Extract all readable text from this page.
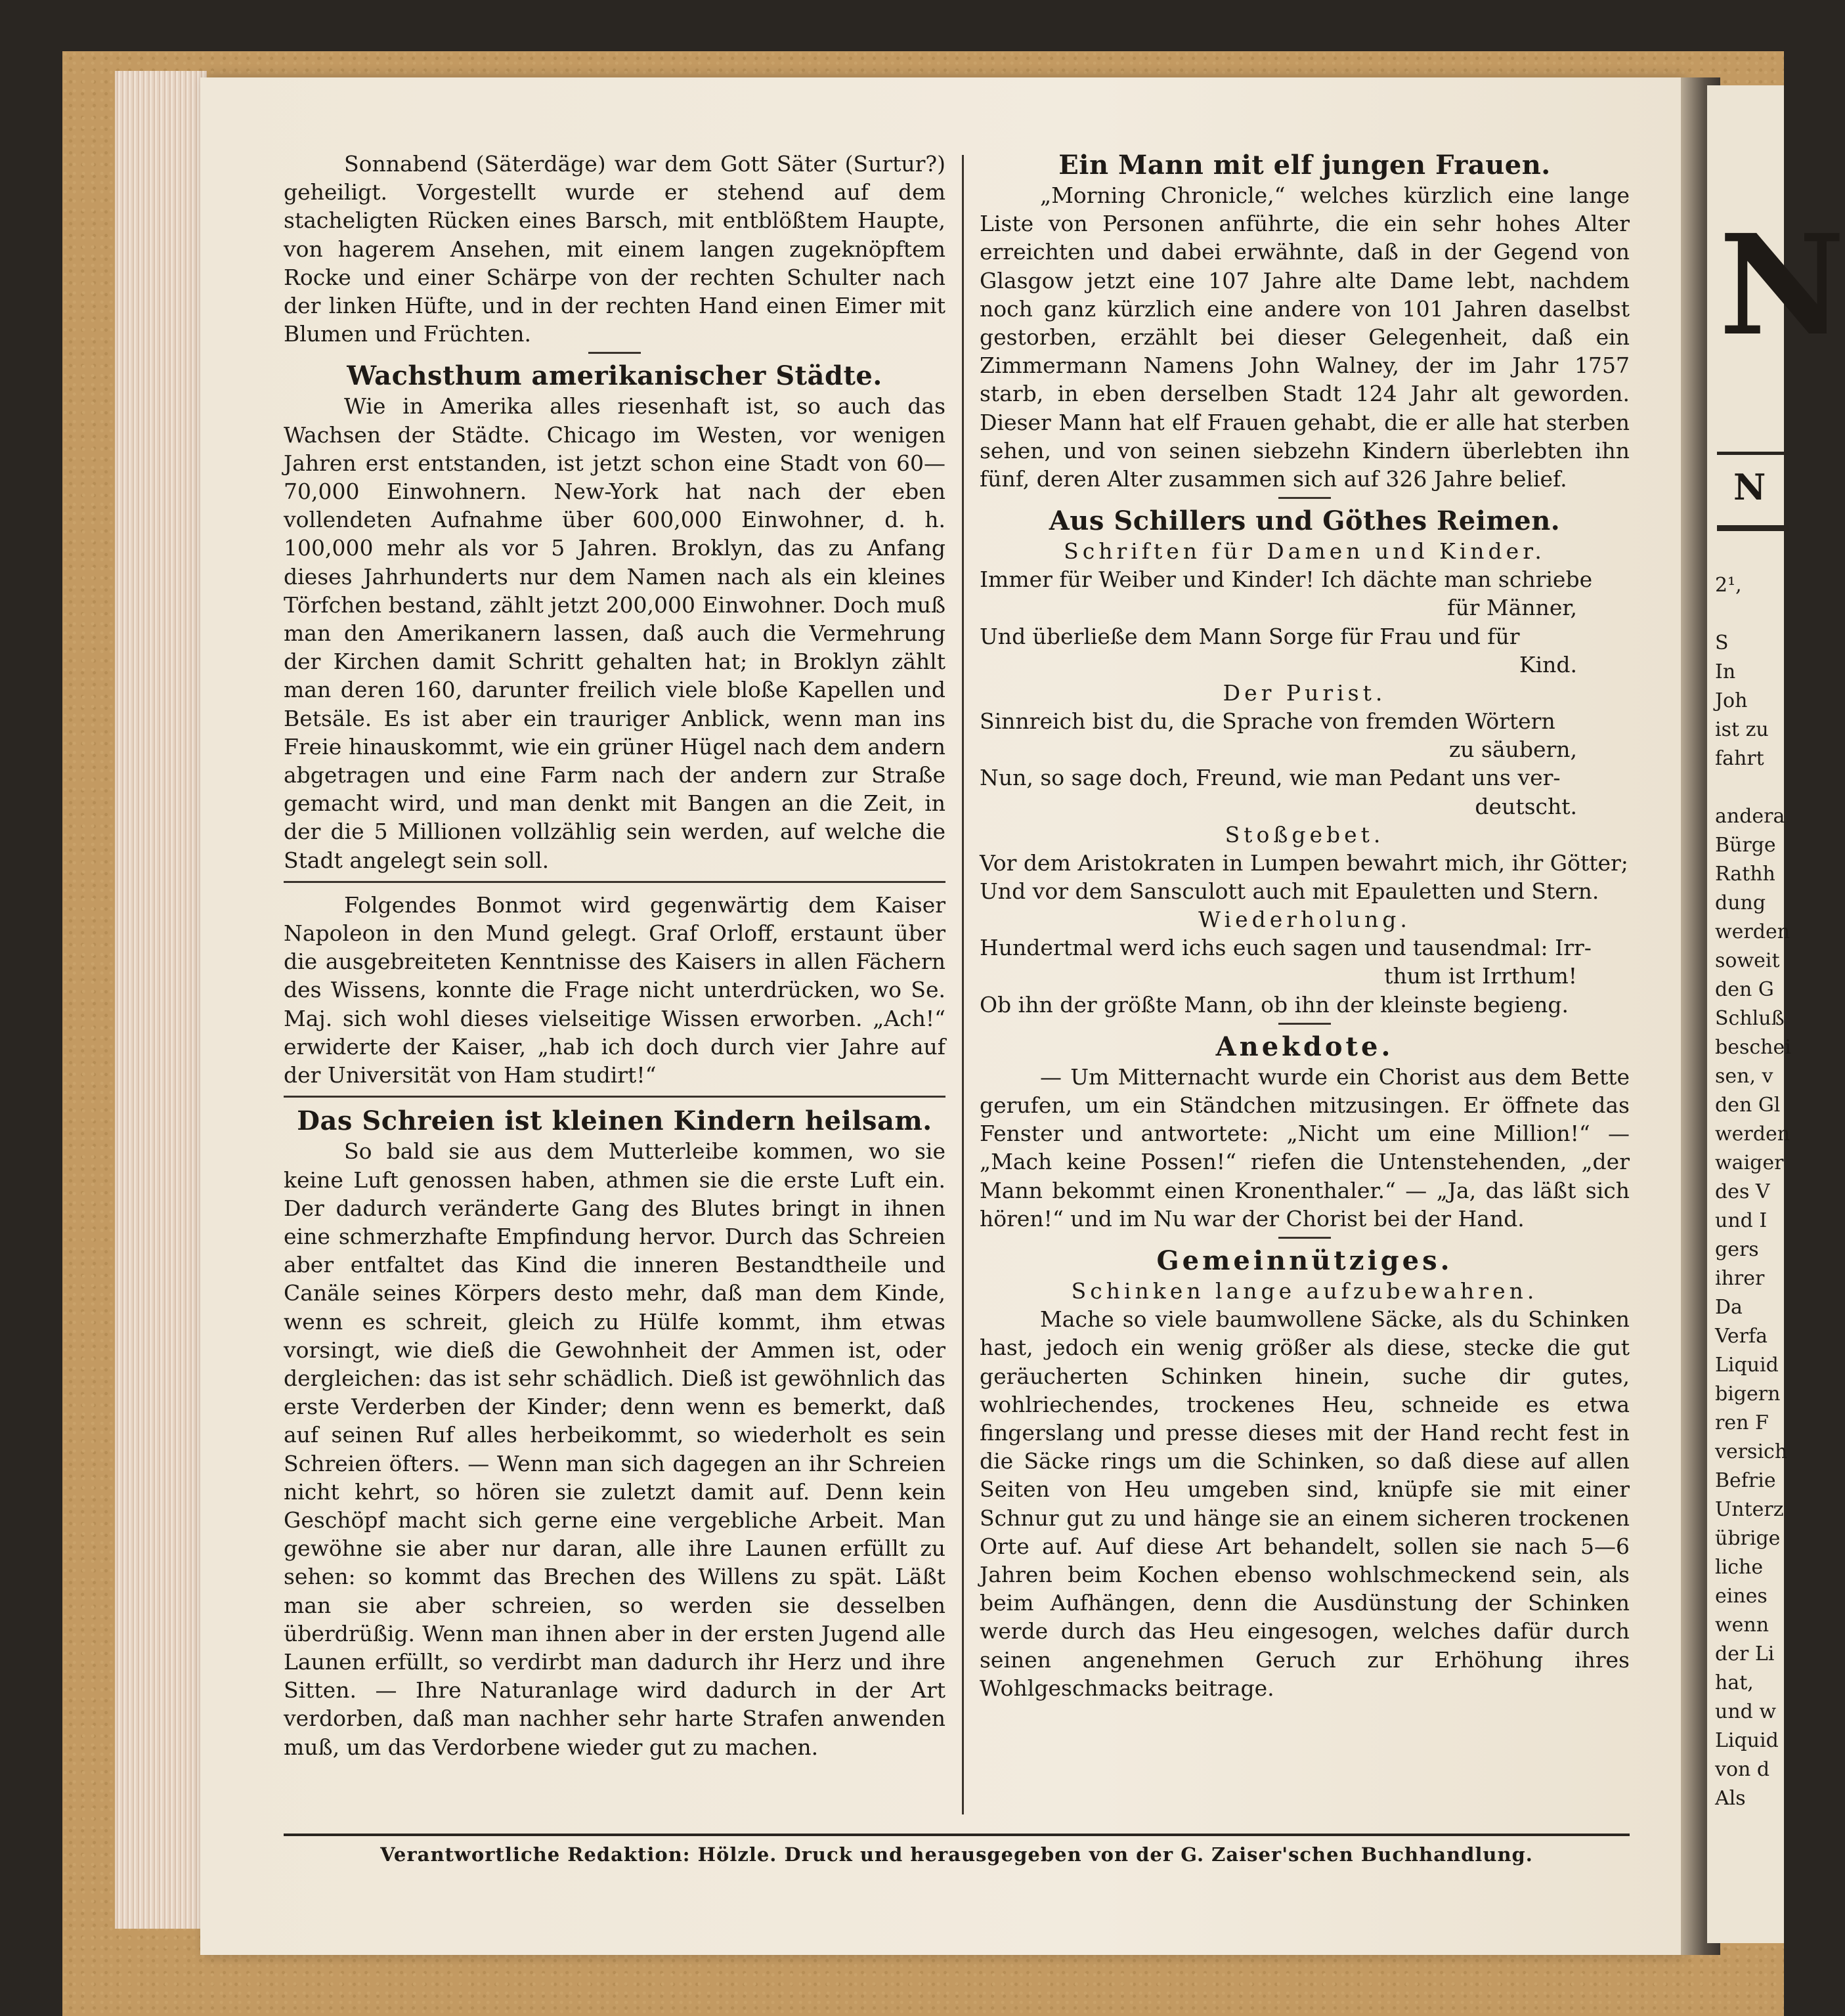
N
N
2¹,

S
In
Joh
ist zu
fahrt

andera
Bürge
Rathh
dung
werden
soweit
den G
Schluß
beschei
sen, v
den Gl
werden
waiger
des V
und I
gers
ihrer
Da
Verfa
Liquid
bigern
ren F
versich
Befrie
Unterz
übrige
liche
eines
wenn
der Li
hat,
und w
Liquid
von d
Als

Sonnabend (Säterdäge) war dem Gott Säter (Surtur?) geheiligt. Vorgestellt wurde er stehend auf dem stacheligten Rücken eines Barsch, mit entblößtem Haupte, von hagerem Ansehen, mit einem langen zugeknöpftem Rocke und einer Schärpe von der rechten Schulter nach der linken Hüfte, und in der rechten Hand einen Eimer mit Blumen und Früchten.

Wachsthum amerikanischer Städte.

Wie in Amerika alles riesenhaft ist, so auch das Wachsen der Städte. Chicago im Westen, vor wenigen Jahren erst entstanden, ist jetzt schon eine Stadt von 60—70,000 Einwohnern. New-York hat nach der eben vollendeten Aufnahme über 600,000 Einwohner, d. h. 100,000 mehr als vor 5 Jahren. Broklyn, das zu Anfang dieses Jahrhunderts nur dem Namen nach als ein kleines Törfchen bestand, zählt jetzt 200,000 Einwohner. Doch muß man den Amerikanern lassen, daß auch die Vermehrung der Kirchen damit Schritt gehalten hat; in Broklyn zählt man deren 160, darunter freilich viele bloße Kapellen und Betsäle. Es ist aber ein trauriger Anblick, wenn man ins Freie hinauskommt, wie ein grüner Hügel nach dem andern abgetragen und eine Farm nach der andern zur Straße gemacht wird, und man denkt mit Bangen an die Zeit, in der die 5 Millionen vollzählig sein werden, auf welche die Stadt angelegt sein soll.

Folgendes Bonmot wird gegenwärtig dem Kaiser Napoleon in den Mund gelegt. Graf Orloff, erstaunt über die ausgebreiteten Kenntnisse des Kaisers in allen Fächern des Wissens, konnte die Frage nicht unterdrücken, wo Se. Maj. sich wohl dieses vielseitige Wissen erworben. „Ach!“ erwiderte der Kaiser, „hab ich doch durch vier Jahre auf der Universität von Ham studirt!“

Das Schreien ist kleinen Kindern heilsam.

So bald sie aus dem Mutterleibe kommen, wo sie keine Luft genossen haben, athmen sie die erste Luft ein. Der dadurch veränderte Gang des Blutes bringt in ihnen eine schmerzhafte Empfindung hervor. Durch das Schreien aber entfaltet das Kind die inneren Bestandtheile und Canäle seines Körpers desto mehr, daß man dem Kinde, wenn es schreit, gleich zu Hülfe kommt, ihm etwas vorsingt, wie dieß die Gewohnheit der Ammen ist, oder dergleichen: das ist sehr schädlich. Dieß ist gewöhnlich das erste Verderben der Kinder; denn wenn es bemerkt, daß auf seinen Ruf alles herbeikommt, so wiederholt es sein Schreien öfters. — Wenn man sich dagegen an ihr Schreien nicht kehrt, so hören sie zuletzt damit auf. Denn kein Geschöpf macht sich gerne eine vergebliche Arbeit. Man gewöhne sie aber nur daran, alle ihre Launen erfüllt zu sehen: so kommt das Brechen des Willens zu spät. Läßt man sie aber schreien, so werden sie desselben überdrüßig. Wenn man ihnen aber in der ersten Jugend alle Launen erfüllt, so verdirbt man dadurch ihr Herz und ihre Sitten. — Ihre Naturanlage wird dadurch in der Art verdorben, daß man nachher sehr harte Strafen anwenden muß, um das Verdorbene wieder gut zu machen.

Ein Mann mit elf jungen Frauen.

„Morning Chronicle,“ welches kürzlich eine lange Liste von Personen anführte, die ein sehr hohes Alter erreichten und dabei erwähnte, daß in der Gegend von Glasgow jetzt eine 107 Jahre alte Dame lebt, nachdem noch ganz kürzlich eine andere von 101 Jahren daselbst gestorben, erzählt bei dieser Gelegenheit, daß ein Zimmermann Namens John Walney, der im Jahr 1757 starb, in eben derselben Stadt 124 Jahr alt geworden. Dieser Mann hat elf Frauen gehabt, die er alle hat sterben sehen, und von seinen siebzehn Kindern überlebten ihn fünf, deren Alter zusammen sich auf 326 Jahre belief.

Aus Schillers und Göthes Reimen.
Schriften für Damen und Kinder.

Immer für Weiber und Kinder! Ich dächte man schriebe

für Männer,

Und überließe dem Mann Sorge für Frau und für

Kind.

Der Purist.

Sinnreich bist du, die Sprache von fremden Wörtern

zu säubern,

Nun, so sage doch, Freund, wie man Pedant uns ver-

deutscht.

Stoßgebet.

Vor dem Aristokraten in Lumpen bewahrt mich, ihr Götter;

Und vor dem Sansculott auch mit Epauletten und Stern.

Wiederholung.

Hundertmal werd ichs euch sagen und tausendmal: Irr-

thum ist Irrthum!

Ob ihn der größte Mann, ob ihn der kleinste begieng.

Anekdote.

— Um Mitternacht wurde ein Chorist aus dem Bette gerufen, um ein Ständchen mitzusingen. Er öffnete das Fenster und antwortete: „Nicht um eine Million!“ — „Mach keine Possen!“ riefen die Untenstehenden, „der Mann bekommt einen Kronenthaler.“ — „Ja, das läßt sich hören!“ und im Nu war der Chorist bei der Hand.

Gemeinnütziges.
Schinken lange aufzubewahren.

Mache so viele baumwollene Säcke, als du Schinken hast, jedoch ein wenig größer als diese, stecke die gut geräucherten Schinken hinein, suche dir gutes, wohlriechendes, trockenes Heu, schneide es etwa fingerslang und presse dieses mit der Hand recht fest in die Säcke rings um die Schinken, so daß diese auf allen Seiten von Heu umgeben sind, knüpfe sie mit einer Schnur gut zu und hänge sie an einem sicheren trockenen Orte auf. Auf diese Art behandelt, sollen sie nach 5—6 Jahren beim Kochen ebenso wohlschmeckend sein, als beim Aufhängen, denn die Ausdünstung der Schinken werde durch das Heu eingesogen, welches dafür durch seinen angenehmen Geruch zur Erhöhung ihres Wohlgeschmacks beitrage.

Verantwortliche Redaktion: Hölzle. Druck und herausgegeben von der G. Zaiser'schen Buchhandlung.
